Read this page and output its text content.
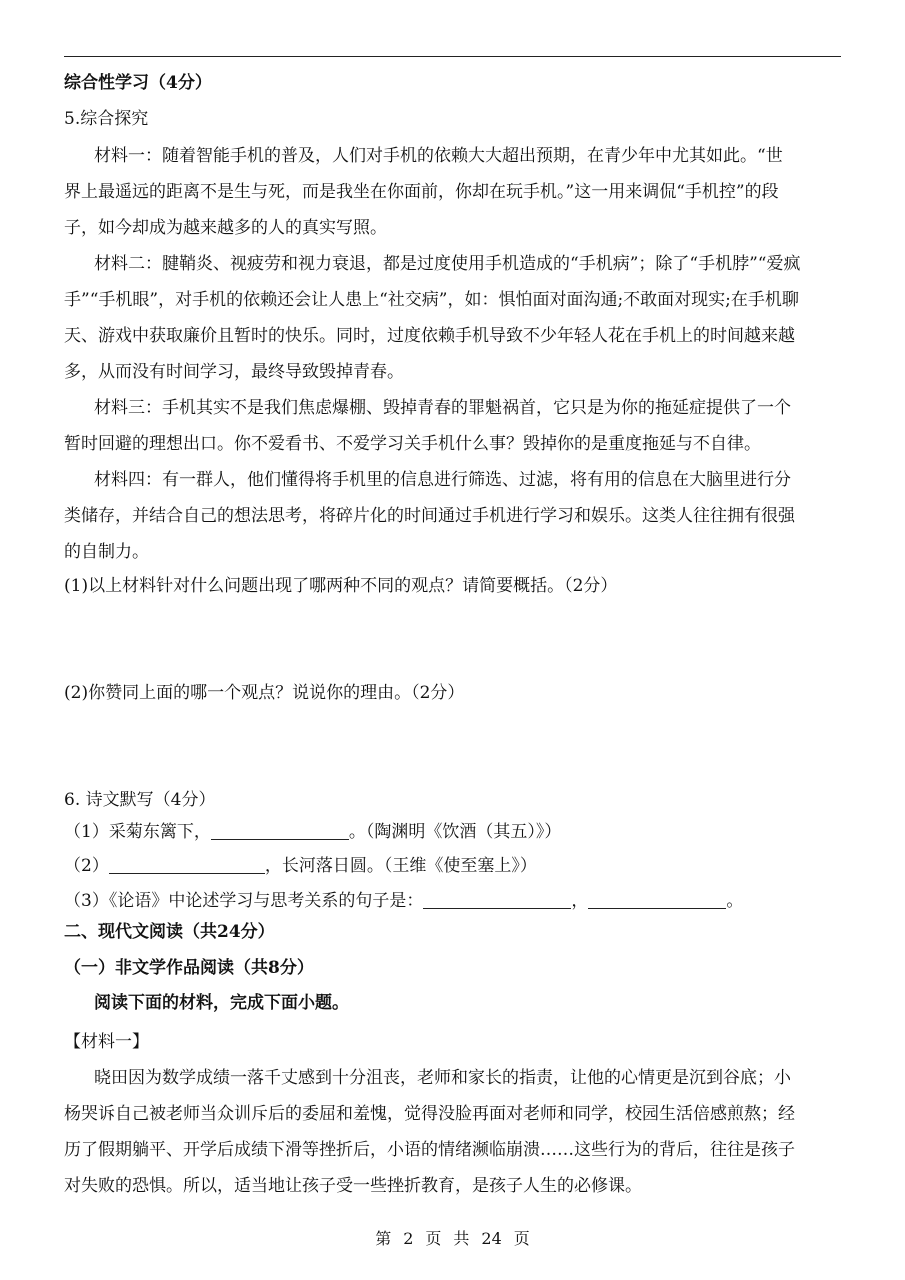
综合性学习（4分）
5.综合探究
材料一：随着智能手机的普及，人们对手机的依赖大大超出预期，在青少年中尤其如此。“世
界上最遥远的距离不是生与死，而是我坐在你面前，你却在玩手机。”这一用来调侃“手机控”的段
子，如今却成为越来越多的人的真实写照。
材料二：腱鞘炎、视疲劳和视力衰退，都是过度使用手机造成的“手机病”；除了“手机脖”“爱疯
手”“手机眼”，对手机的依赖还会让人患上“社交病”，如：惧怕面对面沟通;不敢面对现实;在手机聊
天、游戏中获取廉价且暂时的快乐。同时，过度依赖手机导致不少年轻人花在手机上的时间越来越
多，从而没有时间学习，最终导致毁掉青春。
材料三：手机其实不是我们焦虑爆棚、毁掉青春的罪魁祸首，它只是为你的拖延症提供了一个
暂时回避的理想出口。你不爱看书、不爱学习关手机什么事？毁掉你的是重度拖延与不自律。
材料四：有一群人，他们懂得将手机里的信息进行筛选、过滤，将有用的信息在大脑里进行分
类储存，并结合自己的想法思考，将碎片化的时间通过手机进行学习和娱乐。这类人往往拥有很强
的自制力。
(1)以上材料针对什么问题出现了哪两种不同的观点？请简要概括。（2分）
(2)你赞同上面的哪一个观点？说说你的理由。（2分）
6. 诗文默写（4分）
（1）采菊东篱下，	。（陶渊明《饮酒（其五）》）
（2）	，长河落日圆。（王维《使至塞上》）
（3）《论语》中论述学习与思考关系的句子是：	，	。
二、现代文阅读（共24分）
（一）非文学作品阅读（共8分）
阅读下面的材料，完成下面小题。
【材料一】
晓田因为数学成绩一落千丈感到十分沮丧，老师和家长的指责，让他的心情更是沉到谷底；小
杨哭诉自己被老师当众训斥后的委屈和羞愧，觉得没脸再面对老师和同学，校园生活倍感煎熬；经
历了假期躺平、开学后成绩下滑等挫折后，小语的情绪濒临崩溃……这些行为的背后，往往是孩子
对失败的恐惧。所以，适当地让孩子受一些挫折教育，是孩子人生的必修课。
第 2 页 共 24 页
